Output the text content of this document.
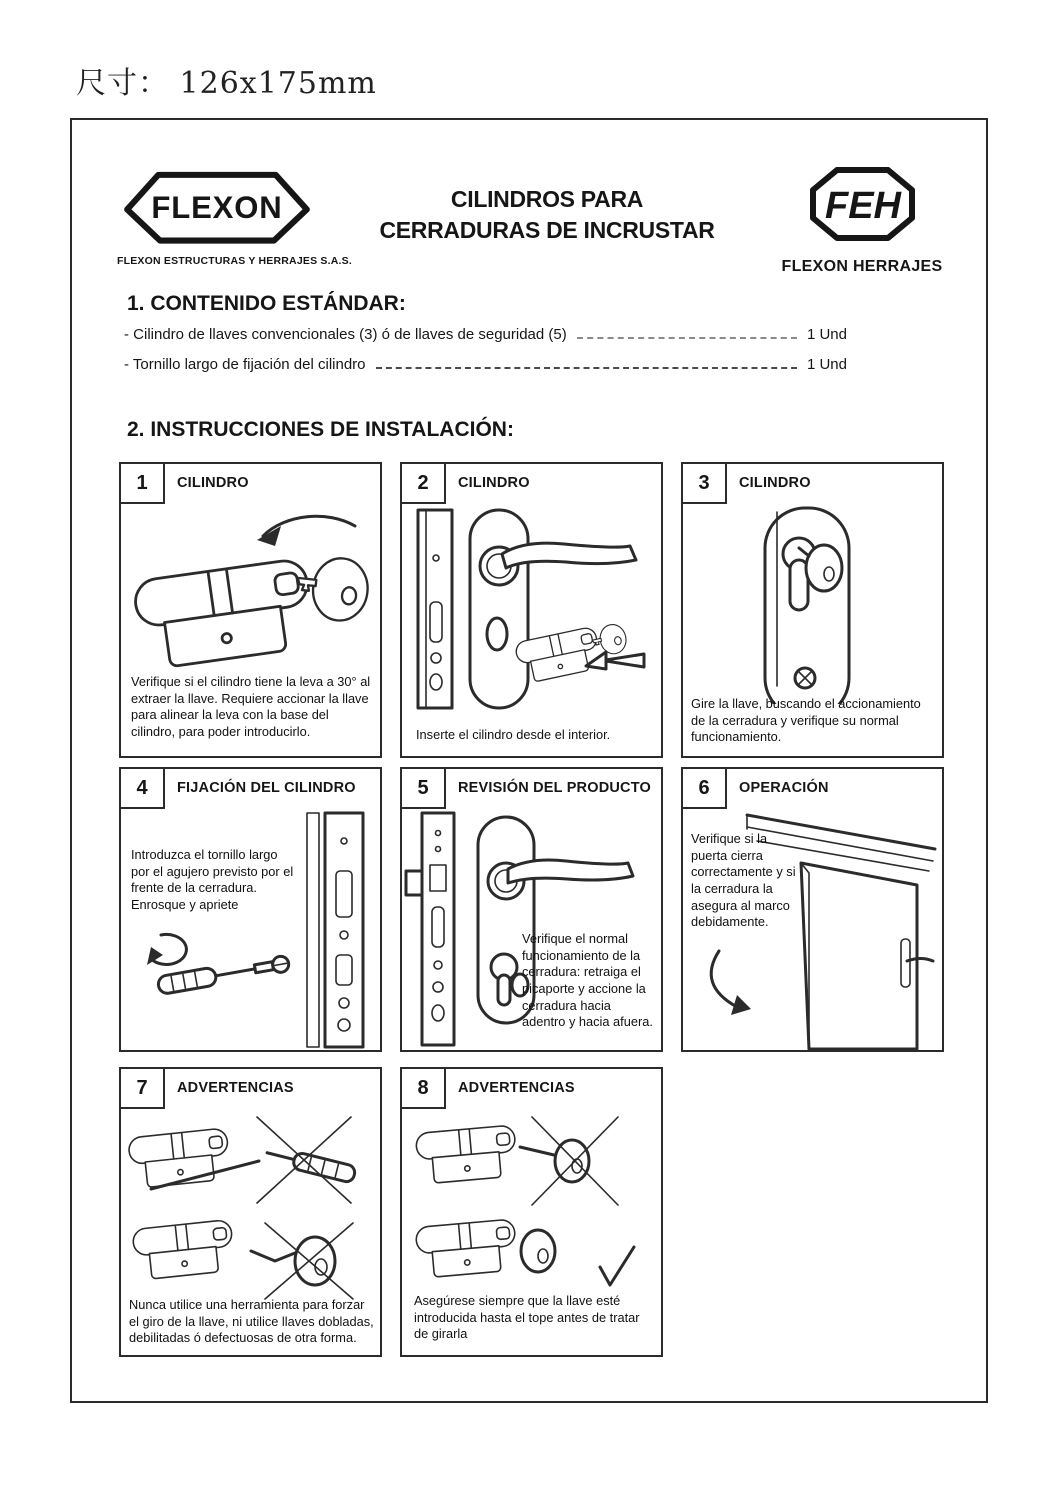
尺寸： 126x175mm
FLEXON
FLEXON ESTRUCTURAS Y HERRAJES S.A.S.
CILINDROS PARA
CERRADURAS DE INCRUSTAR
FEH
FLEXON HERRAJES
1. CONTENIDO ESTÁNDAR:
- Cilindro de llaves convencionales (3) ó de llaves de seguridad (5)	1 Und
- Tornillo largo de fijación del cilindro	1 Und
2. INSTRUCCIONES DE INSTALACIÓN:
1	CILINDRO
Verifique si el cilindro tiene la leva a 30° al extraer la llave. Requiere accionar la llave para alinear la leva con la base del cilindro, para poder introducirlo.
2	CILINDRO
Inserte el cilindro desde el interior.
3	CILINDRO
Gire la llave, buscando el accionamiento de la cerradura y verifique su normal funcionamiento.
4	FIJACIÓN DEL CILINDRO
Introduzca el tornillo largo por el agujero previsto por el frente de la cerradura. Enrosque y apriete
5	REVISIÓN DEL PRODUCTO
Verifique el normal funcionamiento de la cerradura: retraiga el picaporte y accione la cerradura hacia adentro y hacia afuera.
6	OPERACIÓN
Verifique si la puerta cierra correctamente y si la cerradura la asegura al marco debidamente.
7	ADVERTENCIAS
Nunca utilice una herramienta para forzar el giro de la llave, ni utilice llaves dobladas, debilitadas ó defectuosas de otra forma.
8	ADVERTENCIAS
Asegúrese siempre que la llave esté introducida hasta el tope antes de tratar de girarla
